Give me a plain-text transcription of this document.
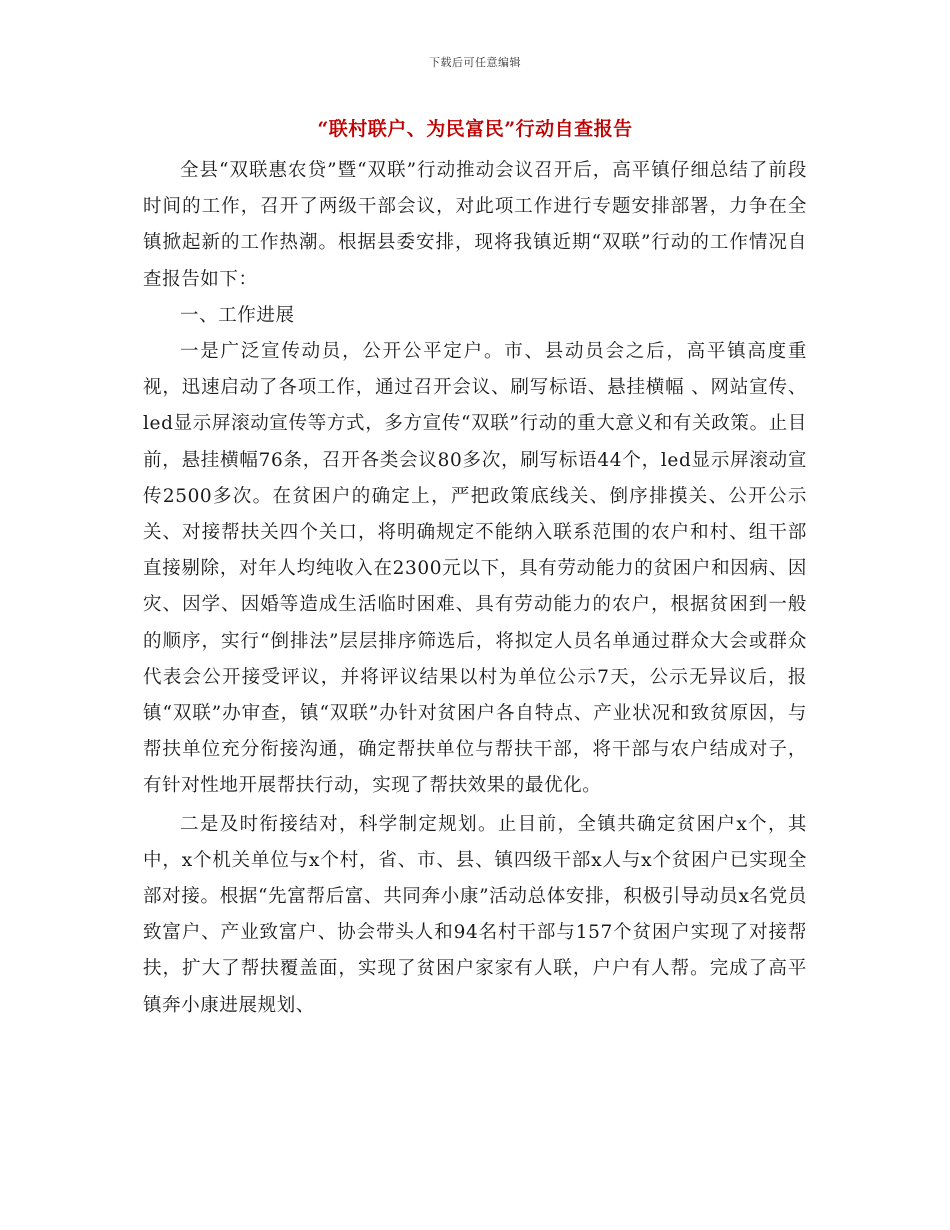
下载后可任意编辑
“联村联户、为民富民”行动自查报告

全县“双联惠农贷”暨“双联”行动推动会议召开后，高平镇仔细总结了前段时间的工作，召开了两级干部会议，对此项工作进行专题安排部署，力争在全镇掀起新的工作热潮。根据县委安排，现将我镇近期“双联”行动的工作情况自查报告如下：

一、工作进展

一是广泛宣传动员，公开公平定户。市、县动员会之后，高平镇高度重视，迅速启动了各项工作，通过召开会议、刷写标语、悬挂横幅 、网站宣传、led显示屏滚动宣传等方式，多方宣传“双联”行动的重大意义和有关政策。止目前，悬挂横幅76条，召开各类会议80多次，刷写标语44个，led显示屏滚动宣传2500多次。在贫困户的确定上，严把政策底线关、倒序排摸关、公开公示关、对接帮扶关四个关口，将明确规定不能纳入联系范围的农户和村、组干部直接剔除，对年人均纯收入在2300元以下，具有劳动能力的贫困户和因病、因灾、因学、因婚等造成生活临时困难、具有劳动能力的农户，根据贫困到一般的顺序，实行“倒排法”层层排序筛选后，将拟定人员名单通过群众大会或群众代表会公开接受评议，并将评议结果以村为单位公示7天，公示无异议后，报镇“双联”办审查，镇“双联”办针对贫困户各自特点、产业状况和致贫原因，与帮扶单位充分衔接沟通，确定帮扶单位与帮扶干部，将干部与农户结成对子，有针对性地开展帮扶行动，实现了帮扶效果的最优化。

二是及时衔接结对，科学制定规划。止目前，全镇共确定贫困户x个，其中，x个机关单位与x个村，省、市、县、镇四级干部x人与x个贫困户已实现全部对接。根据“先富帮后富、共同奔小康”活动总体安排，积极引导动员x名党员致富户、产业致富户、协会带头人和94名村干部与157个贫困户实现了对接帮扶，扩大了帮扶覆盖面，实现了贫困户家家有人联，户户有人帮。完成了高平镇奔小康进展规划、
